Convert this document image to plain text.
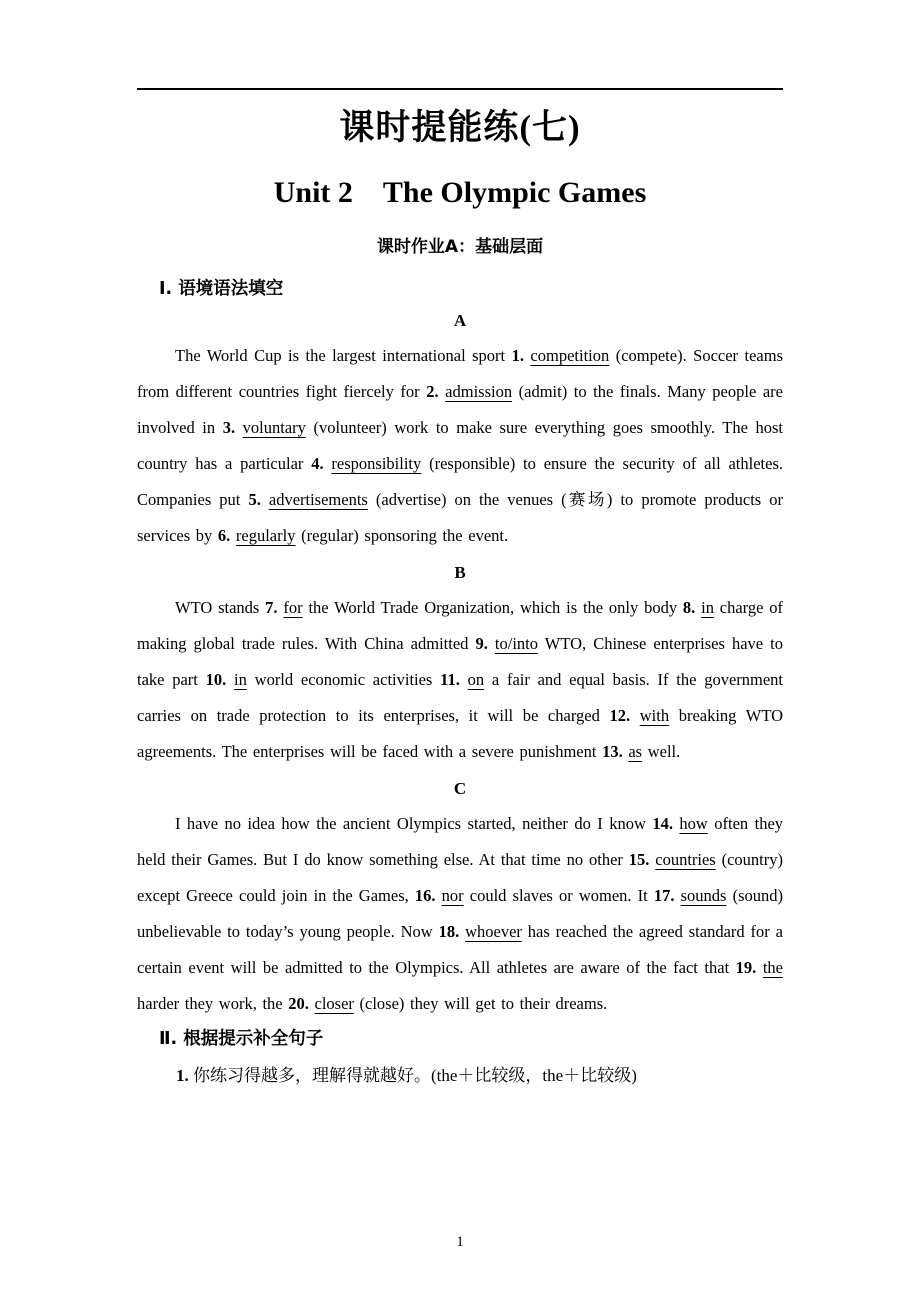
课时提能练(七)
Unit 2 The Olympic Games
课时作业A：基础层面
Ⅰ. 语境语法填空
A

The World Cup is the largest international sport 1. competition (compete). Soccer teams from different countries fight fiercely for 2. admission (admit) to the finals. Many people are involved in 3. voluntary (volunteer) work to make sure everything goes smoothly. The host country has a particular 4. responsibility (responsible) to ensure the security of all athletes. Companies put 5. advertisements (advertise) on the venues (赛场) to promote products or services by 6. regularly (regular) sponsoring the event.

B

WTO stands 7. for the World Trade Organization, which is the only body 8. in charge of making global trade rules. With China admitted 9. to/into WTO, Chinese enterprises have to take part 10. in world economic activities 11. on a fair and equal basis. If the government carries on trade protection to its enterprises, it will be charged 12. with breaking WTO agreements. The enterprises will be faced with a severe punishment 13. as well.

C

I have no idea how the ancient Olympics started, neither do I know 14. how often they held their Games. But I do know something else. At that time no other 15. countries (country) except Greece could join in the Games, 16. nor could slaves or women. It 17. sounds (sound) unbelievable to today’s young people. Now 18. whoever has reached the agreed standard for a certain event will be admitted to the Olympics. All athletes are aware of the fact that 19. the harder they work, the 20. closer (close) they will get to their dreams.

Ⅱ. 根据提示补全句子

1. 你练习得越多，理解得就越好。(the＋比较级，the＋比较级)

1
